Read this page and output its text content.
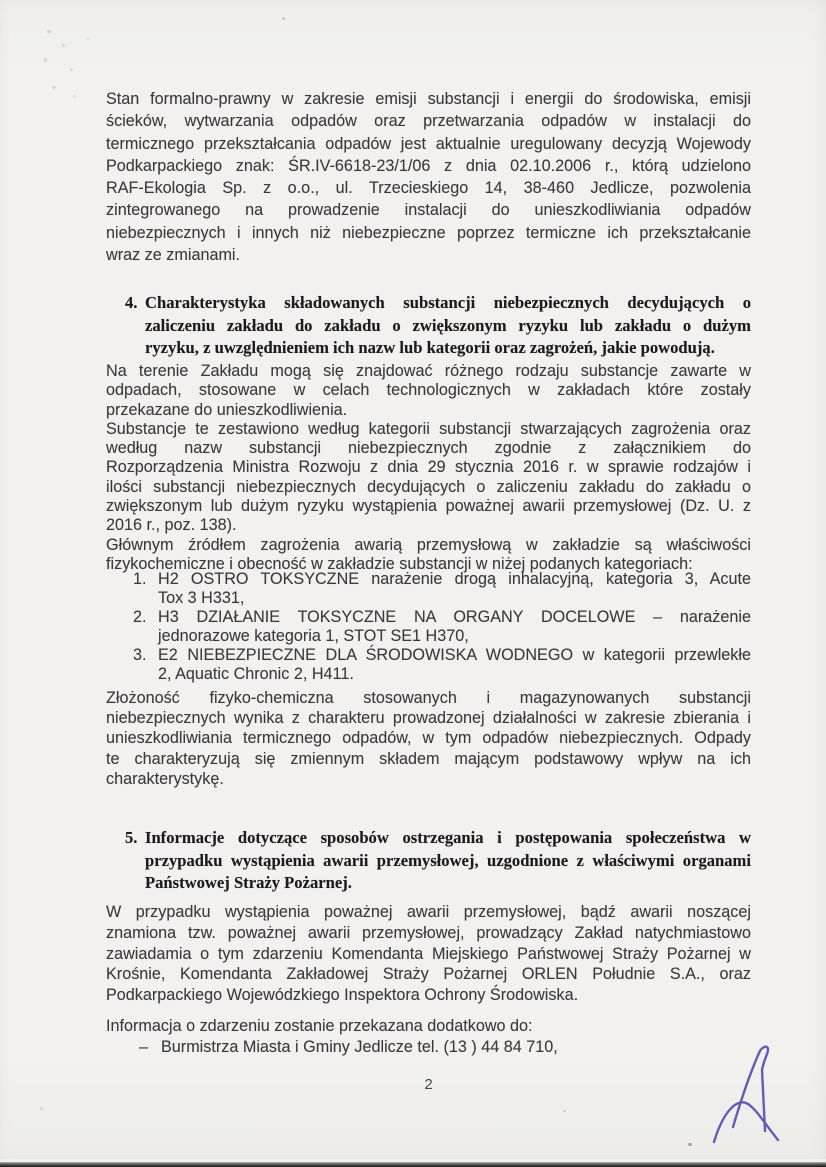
Stan formalno-prawny w zakresie emisji substancji i energii do środowiska, emisji
ścieków, wytwarzania odpadów oraz przetwarzania odpadów w instalacji do
termicznego przekształcania odpadów jest aktualnie uregulowany decyzją Wojewody
Podkarpackiego znak: ŚR.IV-6618-23/1/06 z dnia 02.10.2006 r., którą udzielono
RAF-Ekologia Sp. z o.o., ul. Trzecieskiego 14, 38-460 Jedlicze, pozwolenia
zintegrowanego na prowadzenie instalacji do unieszkodliwiania odpadów
niebezpiecznych i innych niż niebezpieczne poprzez termiczne ich przekształcanie
wraz ze zmianami.
4. Charakterystyka składowanych substancji niebezpiecznych decydujących o
zaliczeniu zakładu do zakładu o zwiększonym ryzyku lub zakładu o dużym
ryzyku, z uwzględnieniem ich nazw lub kategorii oraz zagrożeń, jakie powodują.
Na terenie Zakładu mogą się znajdować różnego rodzaju substancje zawarte w
odpadach, stosowane w celach technologicznych w zakładach które zostały
przekazane do unieszkodliwienia.
Substancje te zestawiono według kategorii substancji stwarzających zagrożenia oraz
według nazw substancji niebezpiecznych zgodnie z załącznikiem do
Rozporządzenia Ministra Rozwoju z dnia 29 stycznia 2016 r. w sprawie rodzajów i
ilości substancji niebezpiecznych decydujących o zaliczeniu zakładu do zakładu o
zwiększonym lub dużym ryzyku wystąpienia poważnej awarii przemysłowej (Dz. U. z
2016 r., poz. 138).
Głównym źródłem zagrożenia awarią przemysłową w zakładzie są właściwości
fizykochemiczne i obecność w zakładzie substancji w niżej podanych kategoriach:
1. H2 OSTRO TOKSYCZNE narażenie drogą inhalacyjną, kategoria 3, Acute
Tox 3 H331,
2. H3 DZIAŁANIE TOKSYCZNE NA ORGANY DOCELOWE – narażenie
jednorazowe kategoria 1, STOT SE1 H370,
3. E2 NIEBEZPIECZNE DLA ŚRODOWISKA WODNEGO w kategorii przewlekłe
2, Aquatic Chronic 2, H411.
Złożoność fizyko-chemiczna stosowanych i magazynowanych substancji
niebezpiecznych wynika z charakteru prowadzonej działalności w zakresie zbierania i
unieszkodliwiania termicznego odpadów, w tym odpadów niebezpiecznych. Odpady
te charakteryzują się zmiennym składem mającym podstawowy wpływ na ich
charakterystykę.
5. Informacje dotyczące sposobów ostrzegania i postępowania społeczeństwa w
przypadku wystąpienia awarii przemysłowej, uzgodnione z właściwymi organami
Państwowej Straży Pożarnej.
W przypadku wystąpienia poważnej awarii przemysłowej, bądź awarii noszącej
znamiona tzw. poważnej awarii przemysłowej, prowadzący Zakład natychmiastowo
zawiadamia o tym zdarzeniu Komendanta Miejskiego Państwowej Straży Pożarnej w
Krośnie, Komendanta Zakładowej Straży Pożarnej ORLEN Południe S.A., oraz
Podkarpackiego Wojewódzkiego Inspektora Ochrony Środowiska.
Informacja o zdarzeniu zostanie przekazana dodatkowo do:
– Burmistrza Miasta i Gminy Jedlicze tel. (13 ) 44 84 710,
2
